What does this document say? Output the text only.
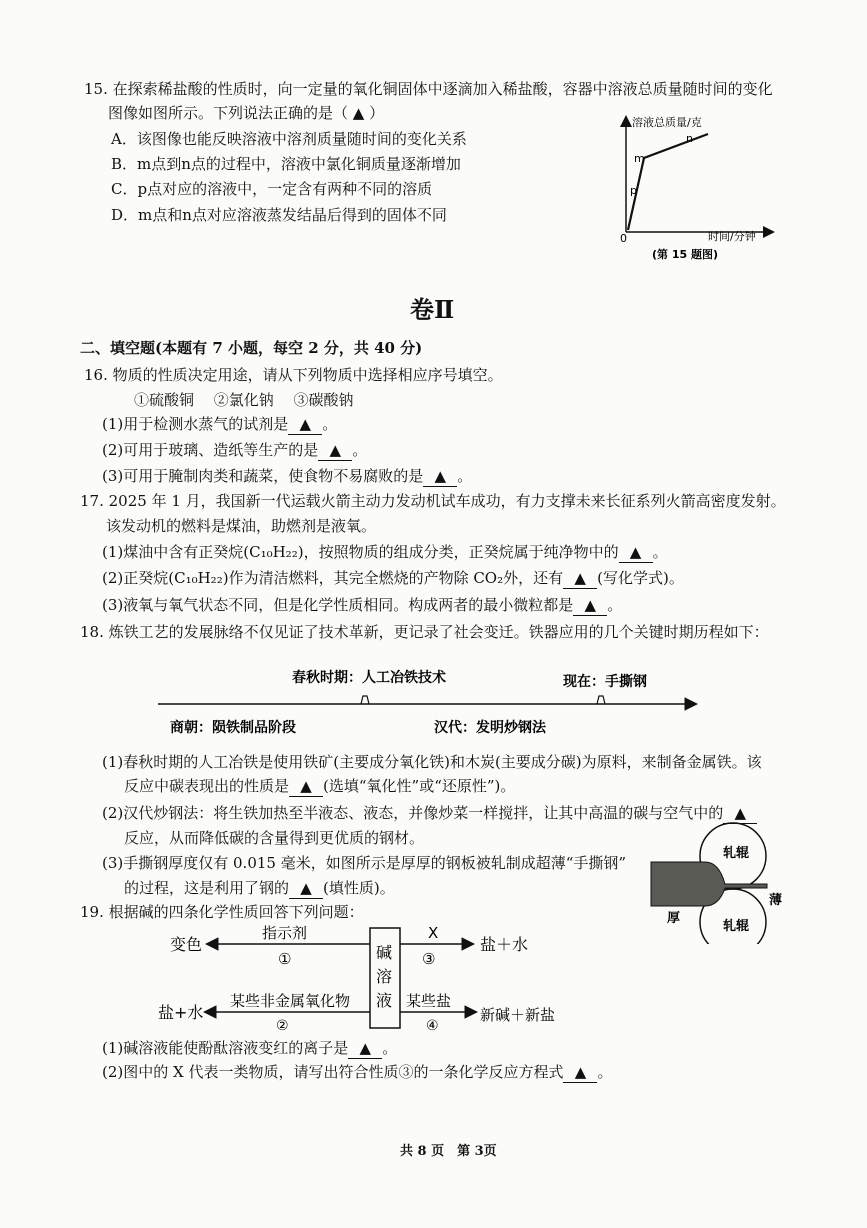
15. 在探索稀盐酸的性质时，向一定量的氧化铜固体中逐滴加入稀盐酸，容器中溶液总质量随时间的变化
图像如图所示。下列说法正确的是（ ▲ ）
A．该图像也能反映溶液中溶剂质量随时间的变化关系
B．m点到n点的过程中，溶液中氯化铜质量逐渐增加
C．p点对应的溶液中，一定含有两种不同的溶质
D．m点和n点对应溶液蒸发结晶后得到的固体不同
溶液总质量/克
时间/分钟
0
m
n
p
(第 15 题图)
卷Ⅱ
二、填空题(本题有 7 小题，每空 2 分，共 40 分)
16. 物质的性质决定用途，请从下列物质中选择相应序号填空。
①硫酸铜　 ②氯化钠　 ③碳酸钠
(1)用于检测水蒸气的试剂是 ▲ 。
(2)可用于玻璃、造纸等生产的是 ▲ 。
(3)可用于腌制肉类和蔬菜，使食物不易腐败的是 ▲ 。
17. 2025 年 1 月，我国新一代运载火箭主动力发动机试车成功，有力支撑未来长征系列火箭高密度发射。
该发动机的燃料是煤油，助燃剂是液氧。
(1)煤油中含有正癸烷(C₁₀H₂₂)，按照物质的组成分类，正癸烷属于纯净物中的 ▲ 。
(2)正癸烷(C₁₀H₂₂)作为清洁燃料，其完全燃烧的产物除 CO₂外，还有 ▲ (写化学式)。
(3)液氧与氧气状态不同，但是化学性质相同。构成两者的最小微粒都是 ▲ 。
18. 炼铁工艺的发展脉络不仅见证了技术革新，更记录了社会变迁。铁器应用的几个关键时期历程如下：
春秋时期：人工冶铁技术	现在：手撕钢
商朝：陨铁制品阶段	汉代：发明炒钢法
(1)春秋时期的人工冶铁是使用铁矿(主要成分氧化铁)和木炭(主要成分碳)为原料，来制备金属铁。该
反应中碳表现出的性质是 ▲ (选填“氧化性”或“还原性”)。
(2)汉代炒钢法：将生铁加热至半液态、液态，并像炒菜一样搅拌，让其中高温的碳与空气中的 ▲
反应，从而降低碳的含量得到更优质的钢材。
(3)手撕钢厚度仅有 0.015 毫米，如图所示是厚厚的钢板被轧制成超薄“手撕钢”
的过程，这是利用了钢的 ▲ (填性质)。
轧辊
轧辊
厚
薄
19. 根据碱的四条化学性质回答下列问题：
碱
溶
液
变色
指示剂
①
X
③
盐＋水
盐+水
某些非金属氧化物
②
某些盐
④
新碱＋新盐
(1)碱溶液能使酚酞溶液变红的离子是 ▲ 。
(2)图中的 X 代表一类物质，请写出符合性质③的一条化学反应方程式 ▲ 。
共 8 页　第 3页
